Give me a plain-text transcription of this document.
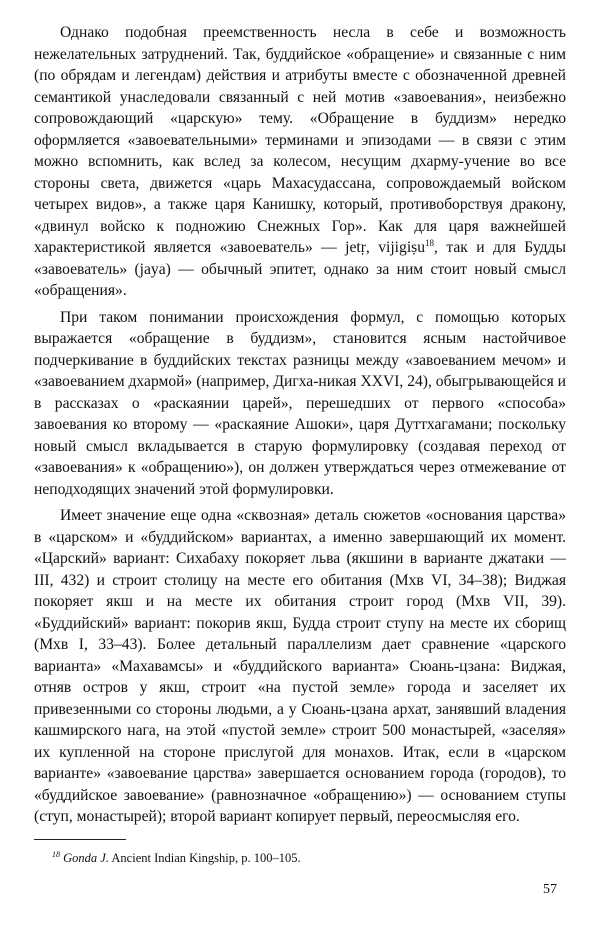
Однако подобная преемственность несла в себе и возможность нежелательных затруднений. Так, буддийское «обращение» и связанные с ним (по обрядам и легендам) действия и атрибуты вместе с обозначенной древней семантикой унаследовали связанный с ней мотив «завоевания», неизбежно сопровождающий «царскую» тему. «Обращение в буддизм» нередко оформляется «завоевательными» терминами и эпизодами — в связи с этим можно вспомнить, как вслед за колесом, несущим дхарму-учение во все стороны света, движется «царь Махасудассана, сопровождаемый войском четырех видов», а также царя Канишку, который, противоборствуя дракону, «двинул войско к подножию Снежных Гор». Как для царя важнейшей характеристикой является «завоеватель» — jetṛ, vijigiṣu$^{18}$, так и для Будды «завоеватель» (jaya) — обычный эпитет, однако за ним стоит новый смысл «обращения».

При таком понимании происхождения формул, с помощью которых выражается «обращение в буддизм», становится ясным настойчивое подчеркивание в буддийских текстах разницы между «завоеванием мечом» и «завоеванием дхармой» (например, Дигха-никая XXVI, 24), обыгрывающейся и в рассказах о «раскаянии царей», перешедших от первого «способа» завоевания ко второму — «раскаяние Ашоки», царя Дуттхагамани; поскольку новый смысл вкладывается в старую формулировку (создавая переход от «завоевания» к «обращению»), он должен утверждаться через отмежевание от неподходящих значений этой формулировки.

Имеет значение еще одна «сквозная» деталь сюжетов «основания царства» в «царском» и «буддийском» вариантах, а именно завершающий их момент. «Царский» вариант: Сихабаху покоряет льва (якшини в варианте джатаки — III, 432) и строит столицу на месте его обитания (Мхв VI, 34–38); Виджая покоряет якш и на месте их обитания строит город (Мхв VII, 39). «Буддийский» вариант: покорив якш, Будда строит ступу на месте их сборищ (Мхв I, 33–43). Более детальный параллелизм дает сравнение «царского варианта» «Махавамсы» и «буддийского варианта» Сюань-цзана: Виджая, отняв остров у якш, строит «на пустой земле» города и заселяет их привезенными со стороны людьми, а у Сюань-цзана архат, занявший владения кашмирского нага, на этой «пустой земле» строит 500 монастырей, «заселяя» их купленной на стороне прислугой для монахов. Итак, если в «царском варианте» «завоевание царства» завершается основанием города (городов), то «буддийское завоевание» (равнозначное «обращению») — основанием ступы (ступ, монастырей); второй вариант копирует первый, переосмысляя его.

$^{18}$ Gonda J. Ancient Indian Kingship, p. 100–105.
57
